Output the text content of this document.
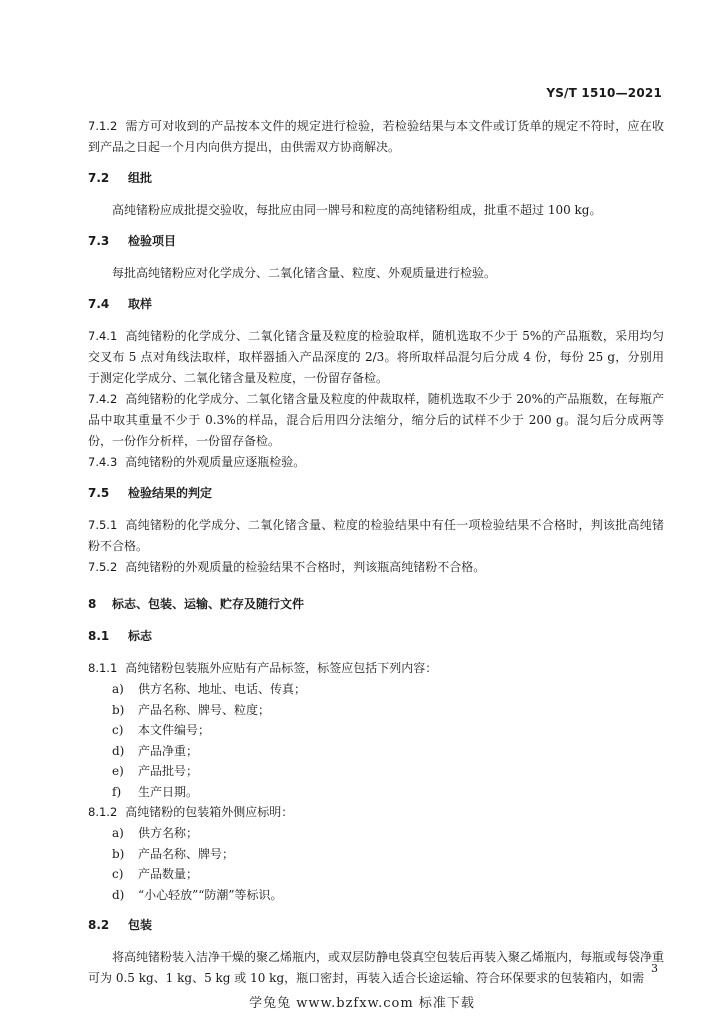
YS/T 1510—2021

7.1.2 需方可对收到的产品按本文件的规定进行检验，若检验结果与本文件或订货单的规定不符时，应在收到产品之日起一个月内向供方提出，由供需双方协商解决。

7.2 组批

高纯锗粉应成批提交验收，每批应由同一牌号和粒度的高纯锗粉组成，批重不超过 100 kg。

7.3 检验项目

每批高纯锗粉应对化学成分、二氧化锗含量、粒度、外观质量进行检验。

7.4 取样

7.4.1 高纯锗粉的化学成分、二氧化锗含量及粒度的检验取样，随机选取不少于 5%的产品瓶数，采用均匀交叉布 5 点对角线法取样，取样器插入产品深度的 2/3。将所取样品混匀后分成 4 份，每份 25 g，分别用于测定化学成分、二氧化锗含量及粒度，一份留存备检。

7.4.2 高纯锗粉的化学成分、二氧化锗含量及粒度的仲裁取样，随机选取不少于 20%的产品瓶数，在每瓶产品中取其重量不少于 0.3%的样品，混合后用四分法缩分，缩分后的试样不少于 200 g。混匀后分成两等份，一份作分析样，一份留存备检。

7.4.3 高纯锗粉的外观质量应逐瓶检验。

7.5 检验结果的判定

7.5.1 高纯锗粉的化学成分、二氧化锗含量、粒度的检验结果中有任一项检验结果不合格时，判该批高纯锗粉不合格。

7.5.2 高纯锗粉的外观质量的检验结果不合格时，判该瓶高纯锗粉不合格。

8 标志、包装、运输、贮存及随行文件
8.1 标志

8.1.1 高纯锗粉包装瓶外应贴有产品标签，标签应包括下列内容：

a) 供方名称、地址、电话、传真；

b) 产品名称、牌号、粒度；

c) 本文件编号；

d) 产品净重；

e) 产品批号；

f) 生产日期。

8.1.2 高纯锗粉的包装箱外侧应标明：

a) 供方名称；

b) 产品名称、牌号；

c) 产品数量；

d) “小心轻放”“防潮”等标识。

8.2 包装

将高纯锗粉装入洁净干燥的聚乙烯瓶内，或双层防静电袋真空包装后再装入聚乙烯瓶内，每瓶或每袋净重可为 0.5 kg、1 kg、5 kg 或 10 kg，瓶口密封，再装入适合长途运输、符合环保要求的包装箱内，如需

3
学兔兔 www.bzfxw.com 标准下载
